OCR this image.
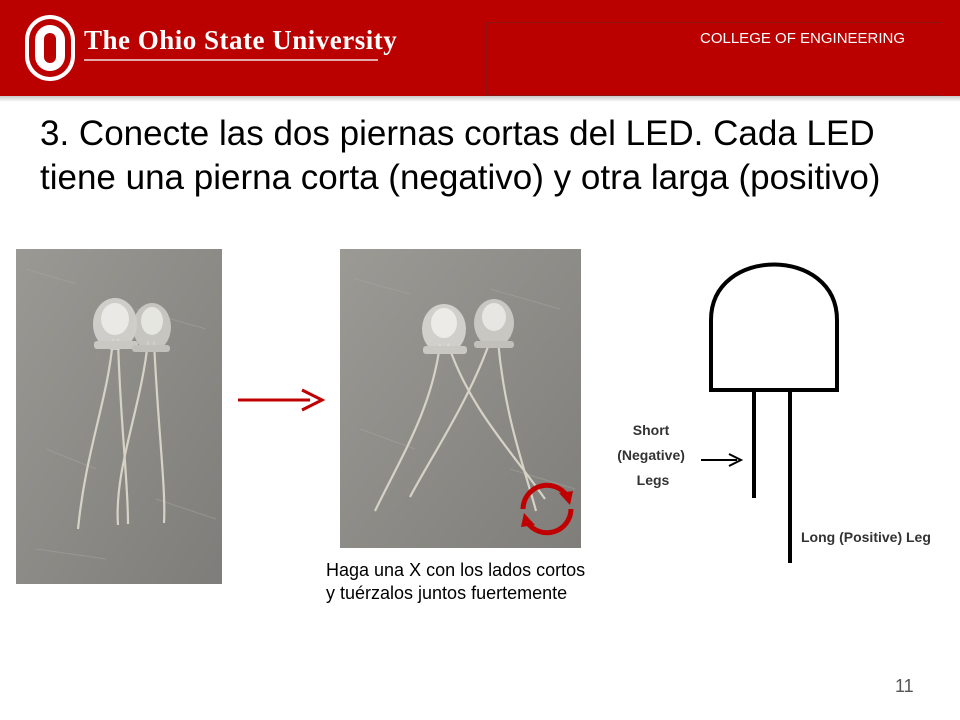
The Ohio State University	COLLEGE OF ENGINEERING
3. Conecte las dos piernas cortas del LED. Cada LED tiene una pierna corta (negativo) y otra larga (positivo)

Haga una X con los lados cortos y tuérzalos juntos fuertemente

Short (Negative) Legs
Long (Positive) Leg
11
